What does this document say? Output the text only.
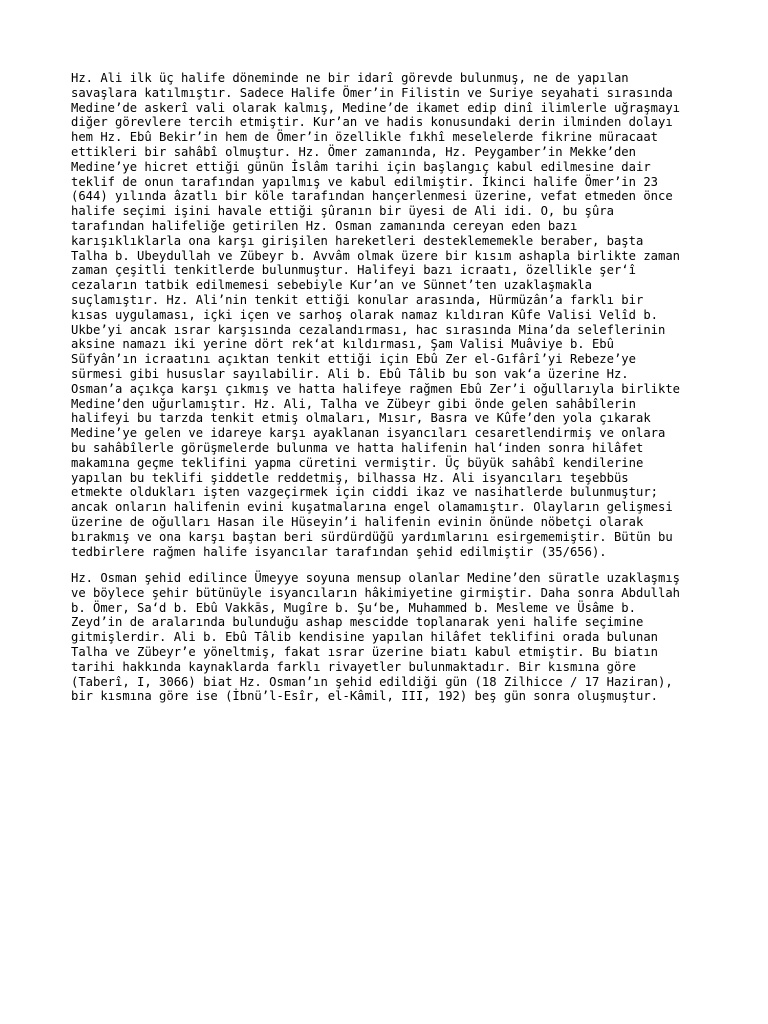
Hz. Ali ilk üç halife döneminde ne bir idarî görevde bulunmuş, ne de yapılan
savaşlara katılmıştır. Sadece Halife Ömer’in Filistin ve Suriye seyahati sırasında
Medine’de askerî vali olarak kalmış, Medine’de ikamet edip dinî ilimlerle uğraşmayı
diğer görevlere tercih etmiştir. Kur’an ve hadis konusundaki derin ilminden dolayı
hem Hz. Ebû Bekir’in hem de Ömer’in özellikle fıkhî meselelerde fikrine müracaat
ettikleri bir sahâbî olmuştur. Hz. Ömer zamanında, Hz. Peygamber’in Mekke’den
Medine’ye hicret ettiği günün İslâm tarihi için başlangıç kabul edilmesine dair
teklif de onun tarafından yapılmış ve kabul edilmiştir. İkinci halife Ömer’in 23
(644) yılında âzatlı bir köle tarafından hançerlenmesi üzerine, vefat etmeden önce
halife seçimi işini havale ettiği şûranın bir üyesi de Ali idi. O, bu şûra
tarafından halifeliğe getirilen Hz. Osman zamanında cereyan eden bazı
karışıklıklarla ona karşı girişilen hareketleri desteklememekle beraber, başta
Talha b. Ubeydullah ve Zübeyr b. Avvâm olmak üzere bir kısım ashapla birlikte zaman
zaman çeşitli tenkitlerde bulunmuştur. Halifeyi bazı icraatı, özellikle şer‘î
cezaların tatbik edilmemesi sebebiyle Kur’an ve Sünnet’ten uzaklaşmakla
suçlamıştır. Hz. Ali’nin tenkit ettiği konular arasında, Hürmüzân’a farklı bir
kısas uygulaması, içki içen ve sarhoş olarak namaz kıldıran Kûfe Valisi Velîd b.
Ukbe’yi ancak ısrar karşısında cezalandırması, hac sırasında Mina’da seleflerinin
aksine namazı iki yerine dört rek‘at kıldırması, Şam Valisi Muâviye b. Ebû
Süfyân’ın icraatını açıktan tenkit ettiği için Ebû Zer el-Gıfârî’yi Rebeze’ye
sürmesi gibi hususlar sayılabilir. Ali b. Ebû Tâlib bu son vak‘a üzerine Hz.
Osman’a açıkça karşı çıkmış ve hatta halifeye rağmen Ebû Zer’i oğullarıyla birlikte
Medine’den uğurlamıştır. Hz. Ali, Talha ve Zübeyr gibi önde gelen sahâbîlerin
halifeyi bu tarzda tenkit etmiş olmaları, Mısır, Basra ve Kûfe’den yola çıkarak
Medine’ye gelen ve idareye karşı ayaklanan isyancıları cesaretlendirmiş ve onlara
bu sahâbîlerle görüşmelerde bulunma ve hatta halifenin hal‘inden sonra hilâfet
makamına geçme teklifini yapma cüretini vermiştir. Üç büyük sahâbî kendilerine
yapılan bu teklifi şiddetle reddetmiş, bilhassa Hz. Ali isyancıları teşebbüs
etmekte oldukları işten vazgeçirmek için ciddi ikaz ve nasihatlerde bulunmuştur;
ancak onların halifenin evini kuşatmalarına engel olamamıştır. Olayların gelişmesi
üzerine de oğulları Hasan ile Hüseyin’i halifenin evinin önünde nöbetçi olarak
bırakmış ve ona karşı baştan beri sürdürdüğü yardımlarını esirgememiştir. Bütün bu
tedbirlere rağmen halife isyancılar tarafından şehid edilmiştir (35/656).

Hz. Osman şehid edilince Ümeyye soyuna mensup olanlar Medine’den süratle uzaklaşmış
ve böylece şehir bütünüyle isyancıların hâkimiyetine girmiştir. Daha sonra Abdullah
b. Ömer, Sa‘d b. Ebû Vakkās, Mugîre b. Şu‘be, Muhammed b. Mesleme ve Üsâme b.
Zeyd’in de aralarında bulunduğu ashap mescidde toplanarak yeni halife seçimine
gitmişlerdir. Ali b. Ebû Tâlib kendisine yapılan hilâfet teklifini orada bulunan
Talha ve Zübeyr’e yöneltmiş, fakat ısrar üzerine biatı kabul etmiştir. Bu biatın
tarihi hakkında kaynaklarda farklı rivayetler bulunmaktadır. Bir kısmına göre
(Taberî, I, 3066) biat Hz. Osman’ın şehid edildiği gün (18 Zilhicce / 17 Haziran),
bir kısmına göre ise (İbnü’l-Esîr, el-Kâmil, III, 192) beş gün sonra oluşmuştur.
